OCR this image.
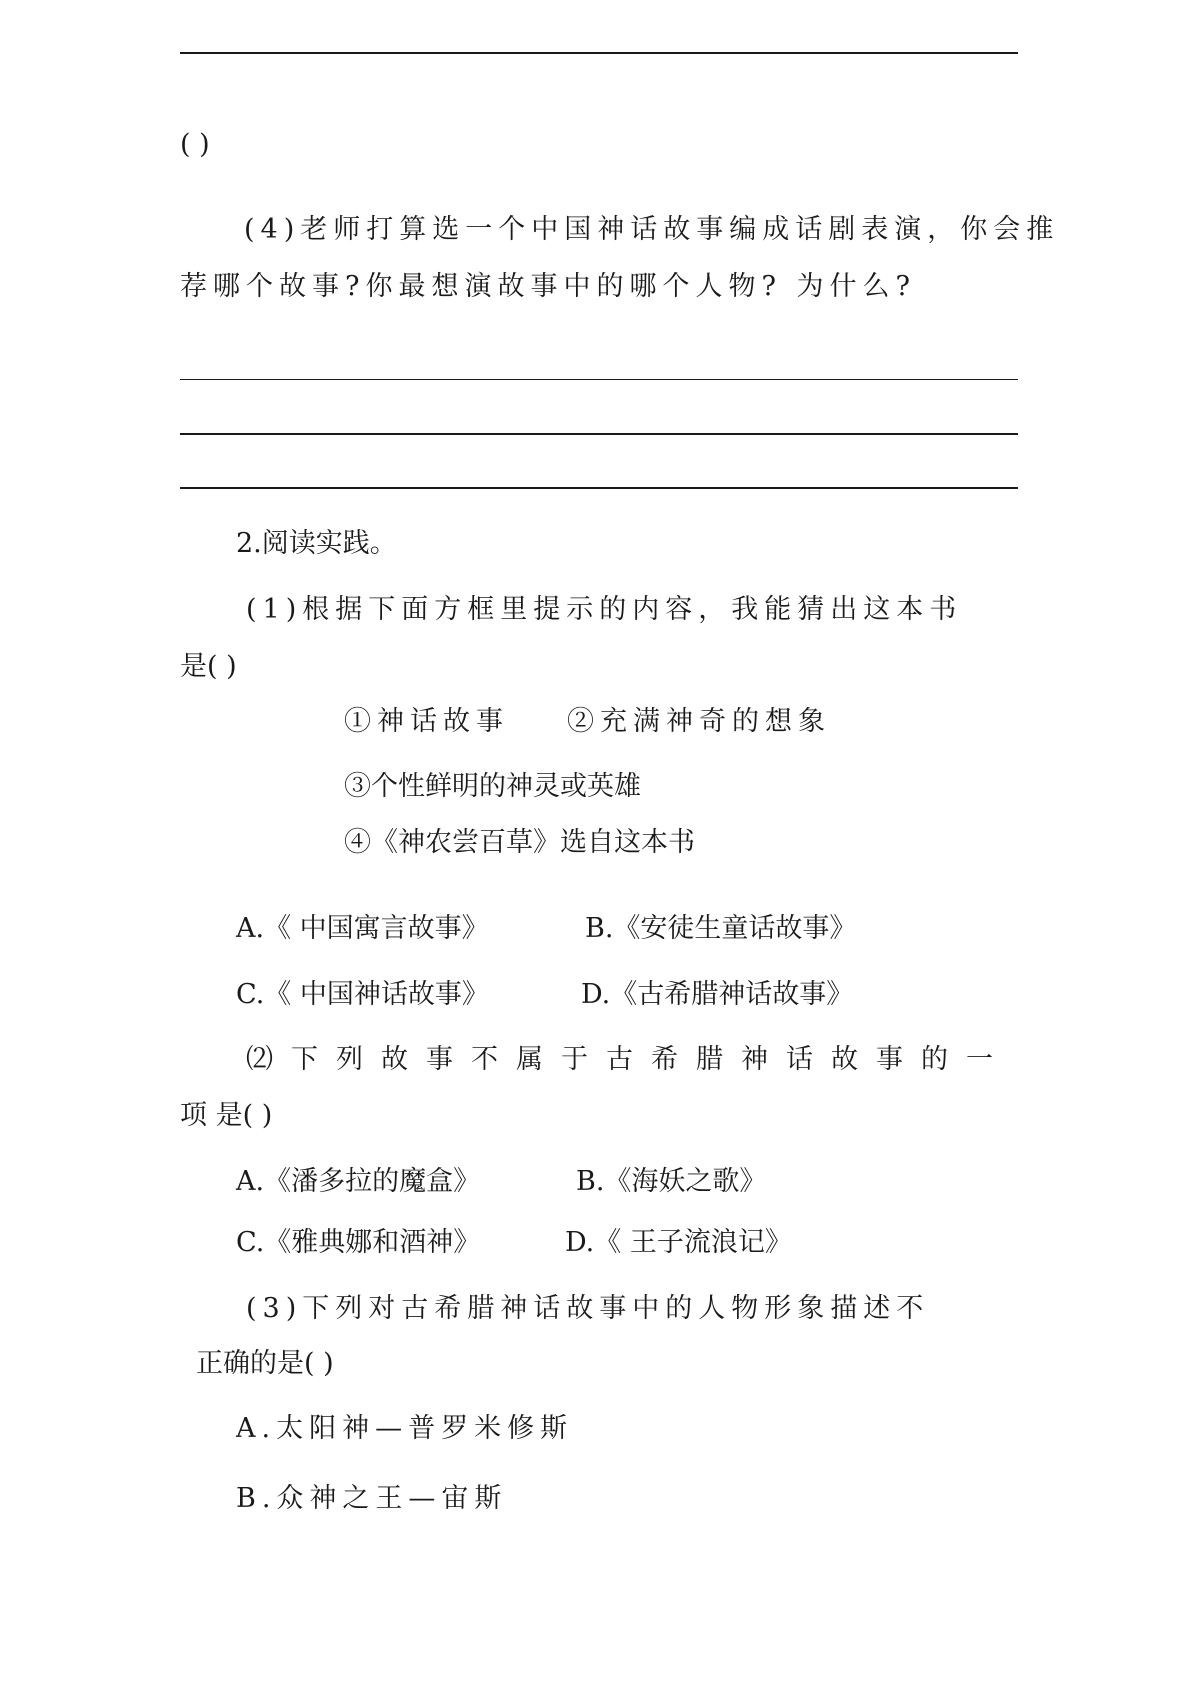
( )
(4)老师打算选一个中国神话故事编成话剧表演，你会推
荐哪个故事?你最想演故事中的哪个人物? 为什么?
2.阅读实践。
(1)根据下面方框里提示的内容，我能猜出这本书
是( )
①神话故事 ②充满神奇的想象
③个性鲜明的神灵或英雄
④《神农尝百草》选自这本书
A.《 中国寓言故事》	B.《安徒生童话故事》
C.《 中国神话故事》	D.《古希腊神话故事》
⑵下列故事不属于古希腊神话故事的一
项 是( )
A.《潘多拉的魔盒》	B.《海妖之歌》
C.《雅典娜和酒神》	D.《 王子流浪记》
(3)下列对古希腊神话故事中的人物形象描述不
正确的是( )
A.太阳神—普罗米修斯
B.众神之王—宙斯
